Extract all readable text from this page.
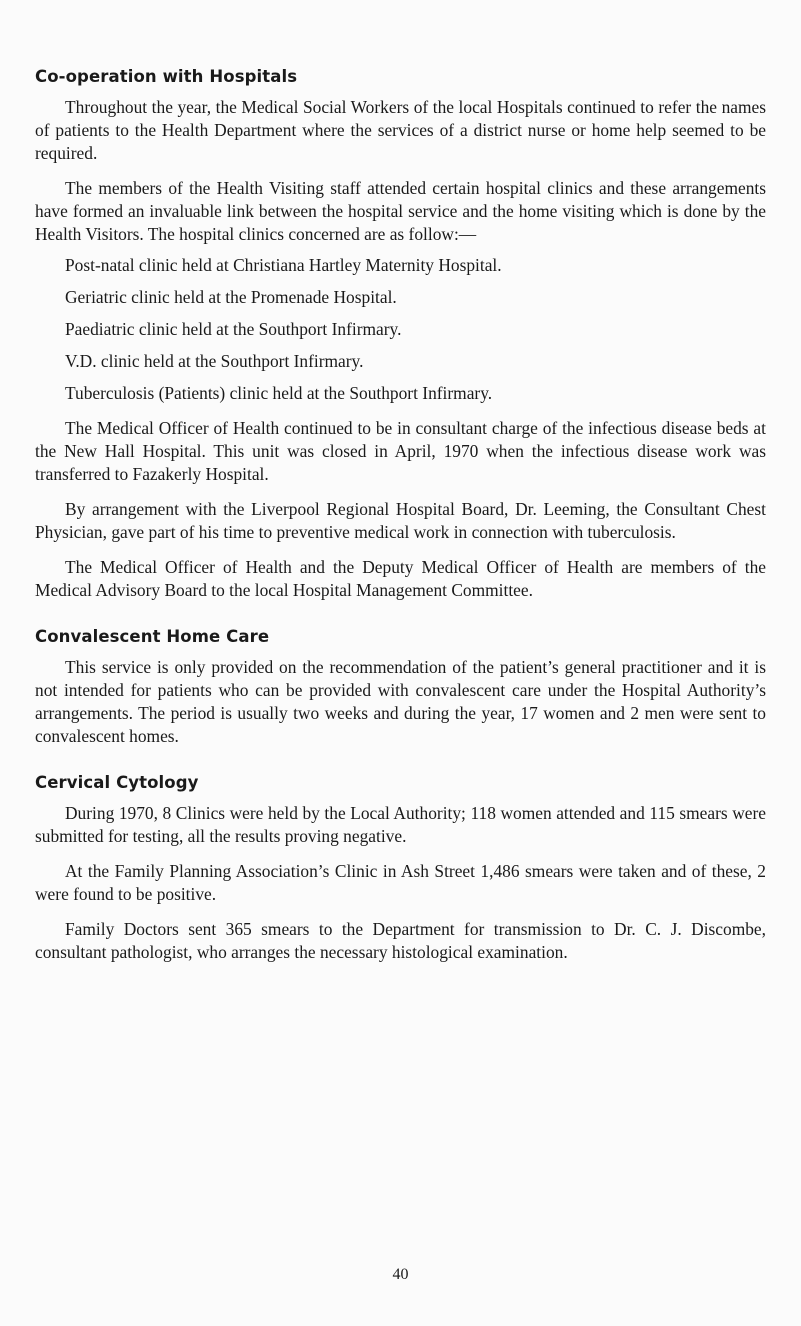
Co-operation with Hospitals

Throughout the year, the Medical Social Workers of the local Hospitals continued to refer the names of patients to the Health Department where the services of a district nurse or home help seemed to be required.

The members of the Health Visiting staff attended certain hospital clinics and these arrangements have formed an invaluable link between the hospital service and the home visiting which is done by the Health Visitors. The hospital clinics concerned are as follow:—

Post-natal clinic held at Christiana Hartley Maternity Hospital.
Geriatric clinic held at the Promenade Hospital.
Paediatric clinic held at the Southport Infirmary.
V.D. clinic held at the Southport Infirmary.
Tuberculosis (Patients) clinic held at the Southport Infirmary.

The Medical Officer of Health continued to be in consultant charge of the infectious disease beds at the New Hall Hospital. This unit was closed in April, 1970 when the infectious disease work was transferred to Fazakerly Hospital.

By arrangement with the Liverpool Regional Hospital Board, Dr. Leeming, the Consultant Chest Physician, gave part of his time to preventive medical work in connection with tuberculosis.

The Medical Officer of Health and the Deputy Medical Officer of Health are members of the Medical Advisory Board to the local Hospital Management Committee.

Convalescent Home Care

This service is only provided on the recommendation of the patient’s general practitioner and it is not intended for patients who can be provided with convalescent care under the Hospital Authority’s arrangements. The period is usually two weeks and during the year, 17 women and 2 men were sent to convalescent homes.

Cervical Cytology

During 1970, 8 Clinics were held by the Local Authority; 118 women attended and 115 smears were submitted for testing, all the results proving negative.

At the Family Planning Association’s Clinic in Ash Street 1,486 smears were taken and of these, 2 were found to be positive.

Family Doctors sent 365 smears to the Department for transmission to Dr. C. J. Discombe, consultant pathologist, who arranges the necessary histological examination.

40
